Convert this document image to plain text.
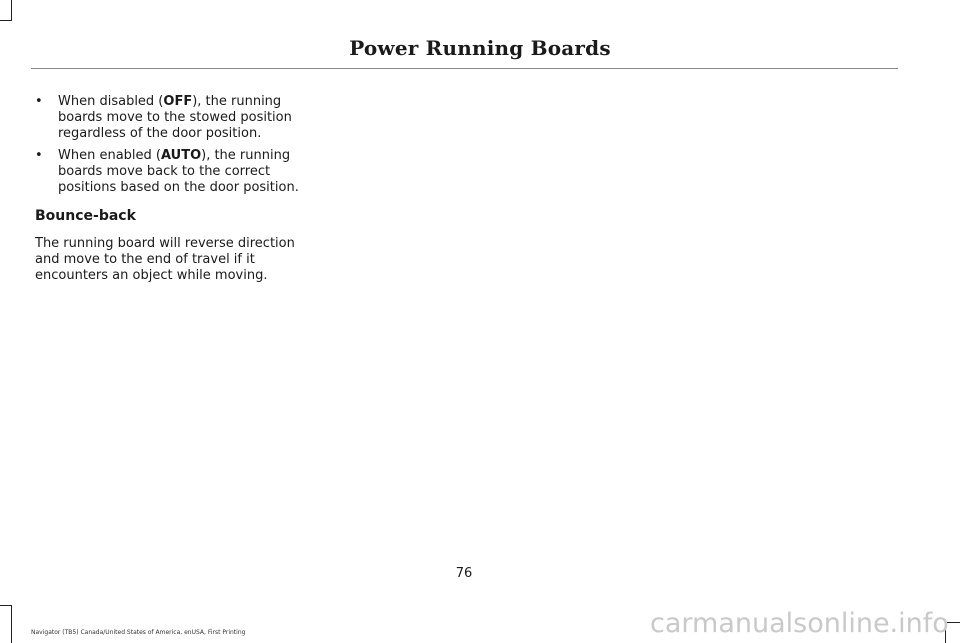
Power Running Boards
• When disabled (OFF), the running boards move to the stowed position regardless of the door position.
• When enabled (AUTO), the running boards move back to the correct positions based on the door position.
Bounce-back

The running board will reverse direction and move to the end of travel if it encounters an object while moving.

76
Navigator (TB5) Canada/United States of America, enUSA, First Printing	carmanualsonline.info
